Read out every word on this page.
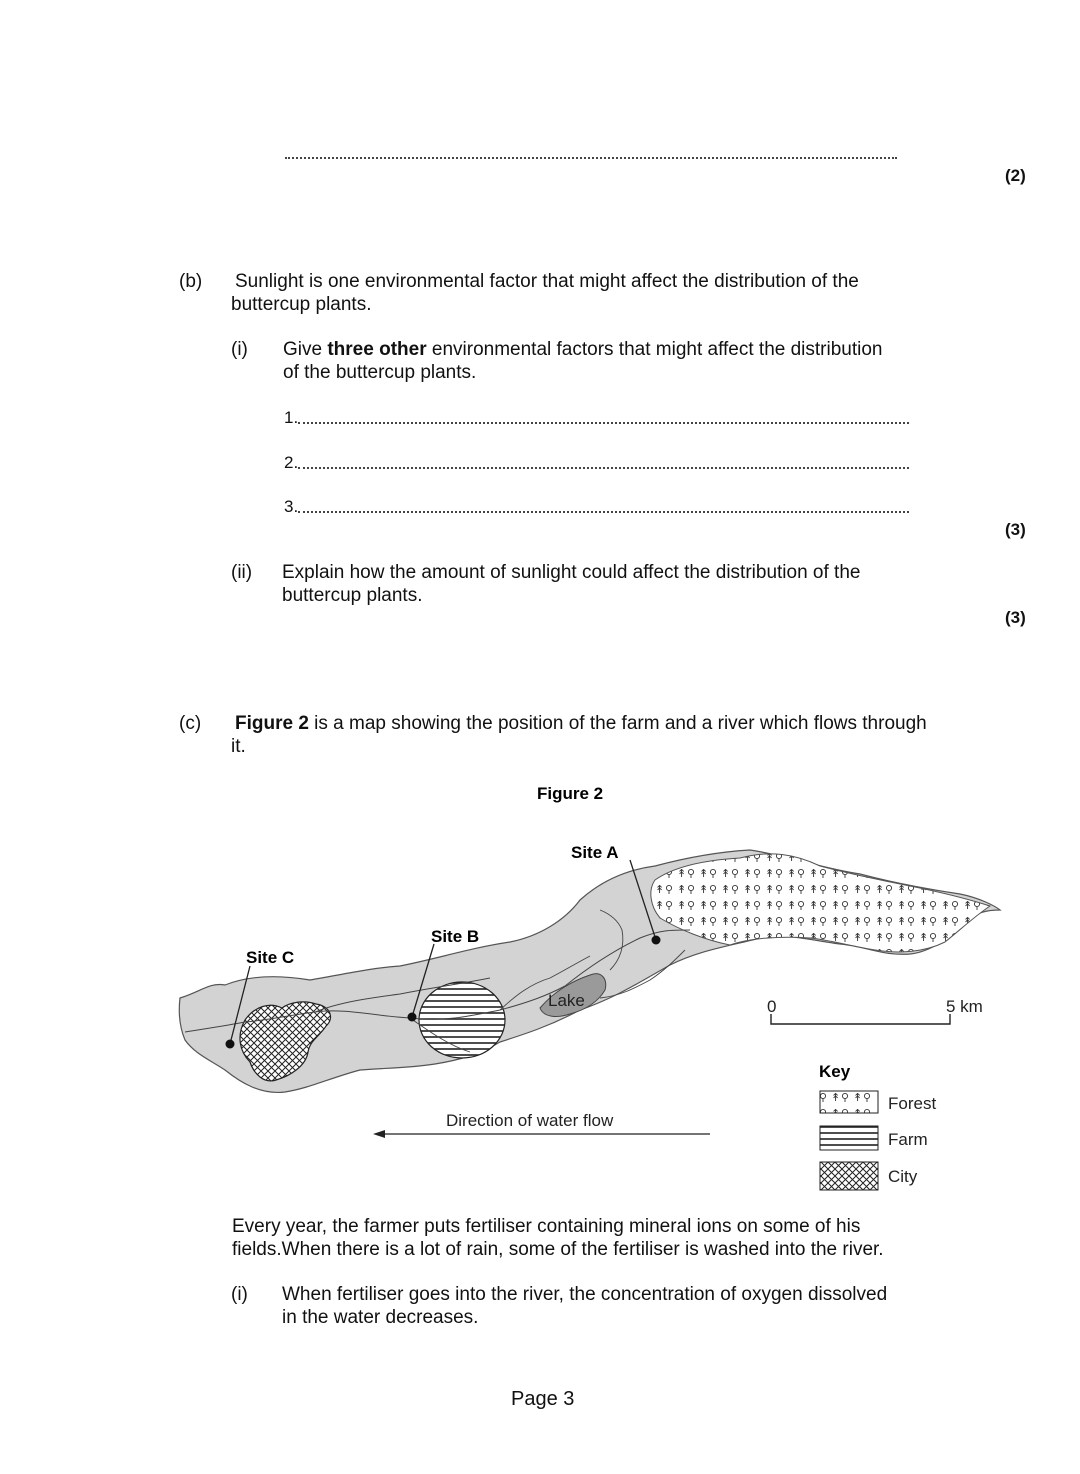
(2)
(b) Sunlight is one environmental factor that might affect the distribution of the
buttercup plants.
(i) Give three other environmental factors that might affect the distribution
of the buttercup plants.
1.
2.
3.
(3)
(ii) Explain how the amount of sunlight could affect the distribution of the
buttercup plants.
(3)
(c) Figure 2 is a map showing the position of the farm and a river which flows through
it.
Figure 2
Lake
Site A
Site B
Site C
0	5 km
Direction of water flow
Key
Forest
Farm
City
Every year, the farmer puts fertiliser containing mineral ions on some of his
fields.When there is a lot of rain, some of the fertiliser is washed into the river.
(i) When fertiliser goes into the river, the concentration of oxygen dissolved
in the water decreases.
Page 3
